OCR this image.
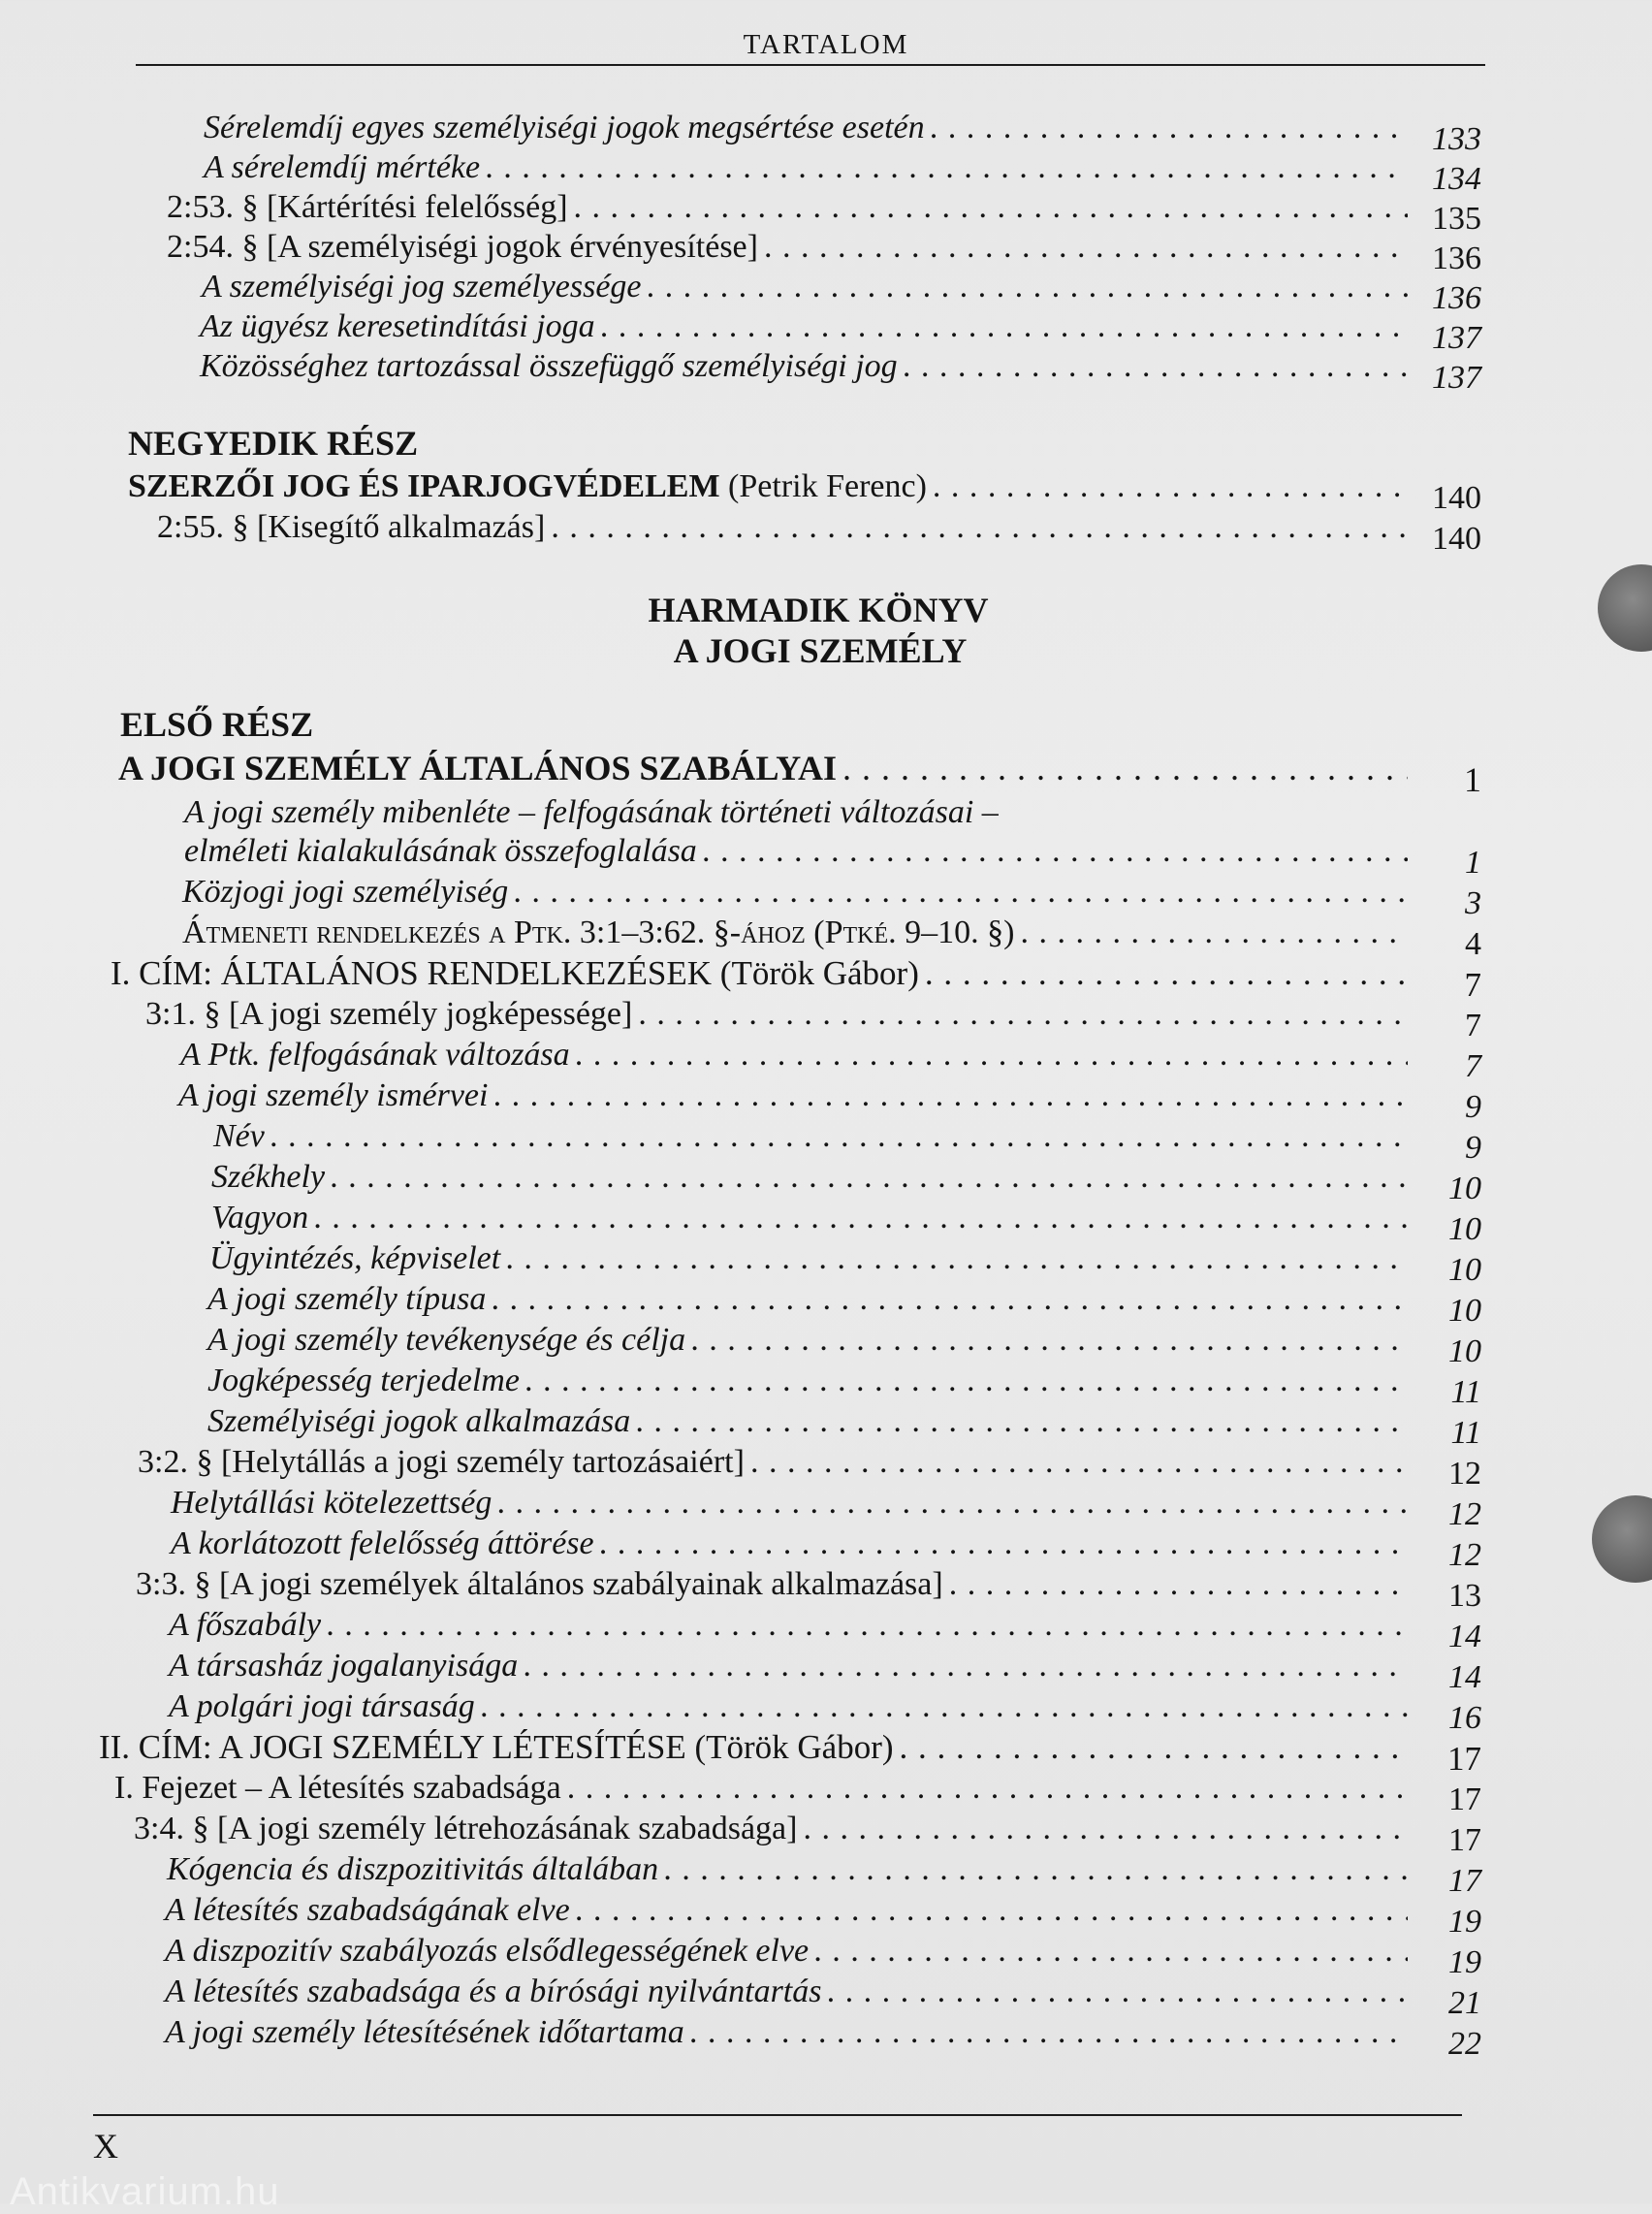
TARTALOM
Sérelemdíj egyes személyiségi jogok megsértése esetén . . .	133
A sérelemdíj mértéke . . .	134
2:53. § [Kártérítési felelősség] . . .	135
2:54. § [A személyiségi jogok érvényesítése] . . .	136
A személyiségi jog személyessége . . .	136
Az ügyész keresetindítási joga . . .	137
Közösséghez tartozással összefüggő személyiségi jog . . .	137
NEGYEDIK RÉSZ
SZERZŐI JOG ÉS IPARJOGVÉDELEM (Petrik Ferenc) . . .	140
2:55. § [Kisegítő alkalmazás] . . .	140
HARMADIK KÖNYV
A JOGI SZEMÉLY
ELSŐ RÉSZ
A JOGI SZEMÉLY ÁLTALÁNOS SZABÁLYAI . . .	1
A jogi személy mibenléte – felfogásának történeti változásai –
elméleti kialakulásának összefoglalása . . .	1
Közjogi jogi személyiség . . .	3
Átmeneti rendelkezés a Ptk. 3:1–3:62. §-ához (Ptké. 9–10. §) . . .	4
I. CÍM: ÁLTALÁNOS RENDELKEZÉSEK (Török Gábor) . . .	7
3:1. § [A jogi személy jogképessége] . . .	7
A Ptk. felfogásának változása . . .	7
A jogi személy ismérvei . . .	9
Név . . .	9
Székhely . . .	10
Vagyon . . .	10
Ügyintézés, képviselet . . .	10
A jogi személy típusa . . .	10
A jogi személy tevékenysége és célja . . .	10
Jogképesség terjedelme . . .	11
Személyiségi jogok alkalmazása . . .	11
3:2. § [Helytállás a jogi személy tartozásaiért] . . .	12
Helytállási kötelezettség . . .	12
A korlátozott felelősség áttörése . . .	12
3:3. § [A jogi személyek általános szabályainak alkalmazása] . . .	13
A főszabály . . .	14
A társasház jogalanyisága . . .	14
A polgári jogi társaság . . .	16
II. CÍM: A JOGI SZEMÉLY LÉTESÍTÉSE (Török Gábor) . . .	17
I. Fejezet – A létesítés szabadsága . . .	17
3:4. § [A jogi személy létrehozásának szabadsága] . . .	17
Kógencia és diszpozitivitás általában . . .	17
A létesítés szabadságának elve . . .	19
A diszpozitív szabályozás elsődlegességének elve . . .	19
A létesítés szabadsága és a bírósági nyilvántartás . . .	21
A jogi személy létesítésének időtartama . . .	22
X
Antikvarium.hu
